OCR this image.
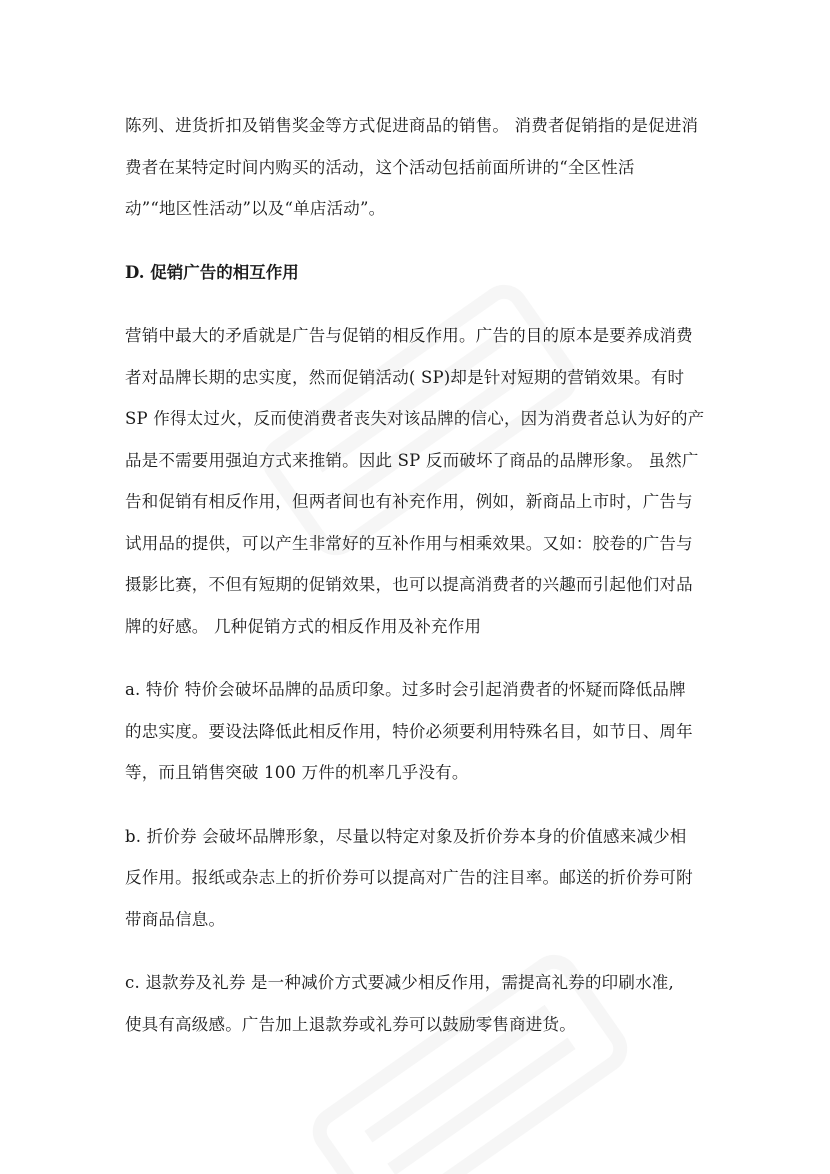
陈列、进货折扣及销售奖金等方式促进商品的销售。 消费者促销指的是促进消
费者在某特定时间内购买的活动，这个活动包括前面所讲的“全区性活
动”“地区性活动”以及“单店活动”。

D. 促销广告的相互作用

营销中最大的矛盾就是广告与促销的相反作用。广告的目的原本是要养成消费
者对品牌长期的忠实度，然而促销活动( SP)却是针对短期的营销效果。有时
SP 作得太过火，反而使消费者丧失对该品牌的信心，因为消费者总认为好的产
品是不需要用强迫方式来推销。因此 SP 反而破坏了商品的品牌形象。 虽然广
告和促销有相反作用，但两者间也有补充作用，例如，新商品上市时，广告与
试用品的提供，可以产生非常好的互补作用与相乘效果。又如：胶卷的广告与
摄影比赛，不但有短期的促销效果，也可以提高消费者的兴趣而引起他们对品
牌的好感。 几种促销方式的相反作用及补充作用

a. 特价 特价会破坏品牌的品质印象。过多时会引起消费者的怀疑而降低品牌
的忠实度。要设法降低此相反作用，特价必须要利用特殊名目，如节日、周年
等，而且销售突破 100 万件的机率几乎没有。

b. 折价券 会破坏品牌形象，尽量以特定对象及折价券本身的价值感来减少相
反作用。报纸或杂志上的折价券可以提高对广告的注目率。邮送的折价券可附
带商品信息。

c. 退款券及礼券 是一种减价方式要减少相反作用，需提高礼券的印刷水准,
使具有高级感。广告加上退款券或礼券可以鼓励零售商进货。
